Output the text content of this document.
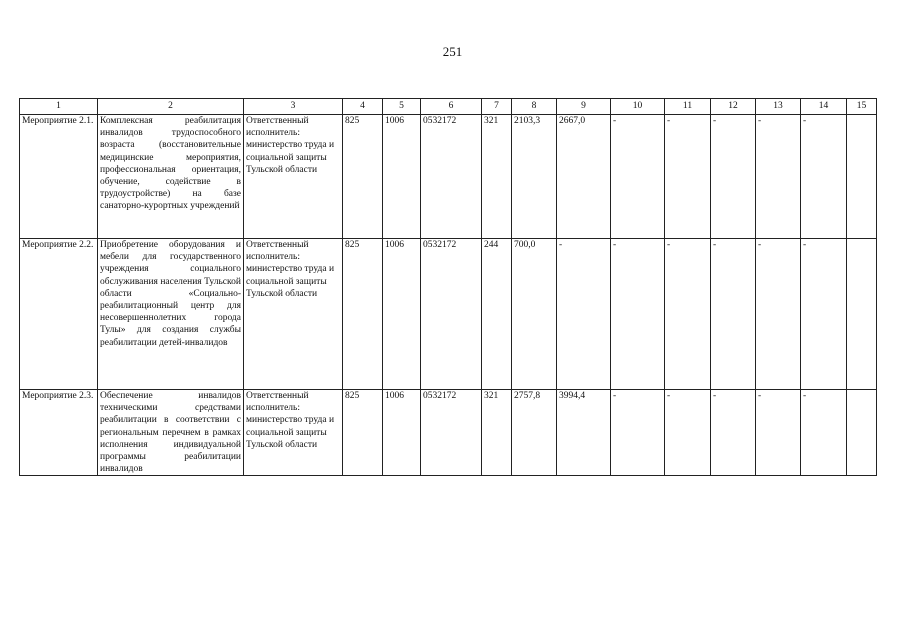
251
1	2	3	4	5	6	7	8	9	10	11	12	13	14	15
Мероприятие 2.1.	Комплексная реабилитация инвалидов трудоспособного возраста (восстановительные медицинские мероприятия, профессиональная ориентация, обучение, содействие в трудоустройстве) на базе санаторно-курортных учреждений	Ответственный исполнитель: министерство труда и социальной защиты Тульской области	825	1006	0532172	321	2103,3	2667,0	-	-	-	-	-	
Мероприятие 2.2.	Приобретение оборудования и мебели для государственного учреждения социального обслуживания населения Тульской области «Социально-реабилитационный центр для несовершеннолетних города Тулы» для создания службы реабилитации детей-инвалидов	Ответственный исполнитель: министерство труда и социальной защиты Тульской области	825	1006	0532172	244	700,0	-	-	-	-	-	-	
Мероприятие 2.3.	Обеспечение инвалидов техническими средствами реабилитации в соответствии с региональным перечнем в рамках исполнения индивидуальной программы реабилитации инвалидов	Ответственный исполнитель: министерство труда и социальной защиты Тульской области	825	1006	0532172	321	2757,8	3994,4	-	-	-	-	-	
